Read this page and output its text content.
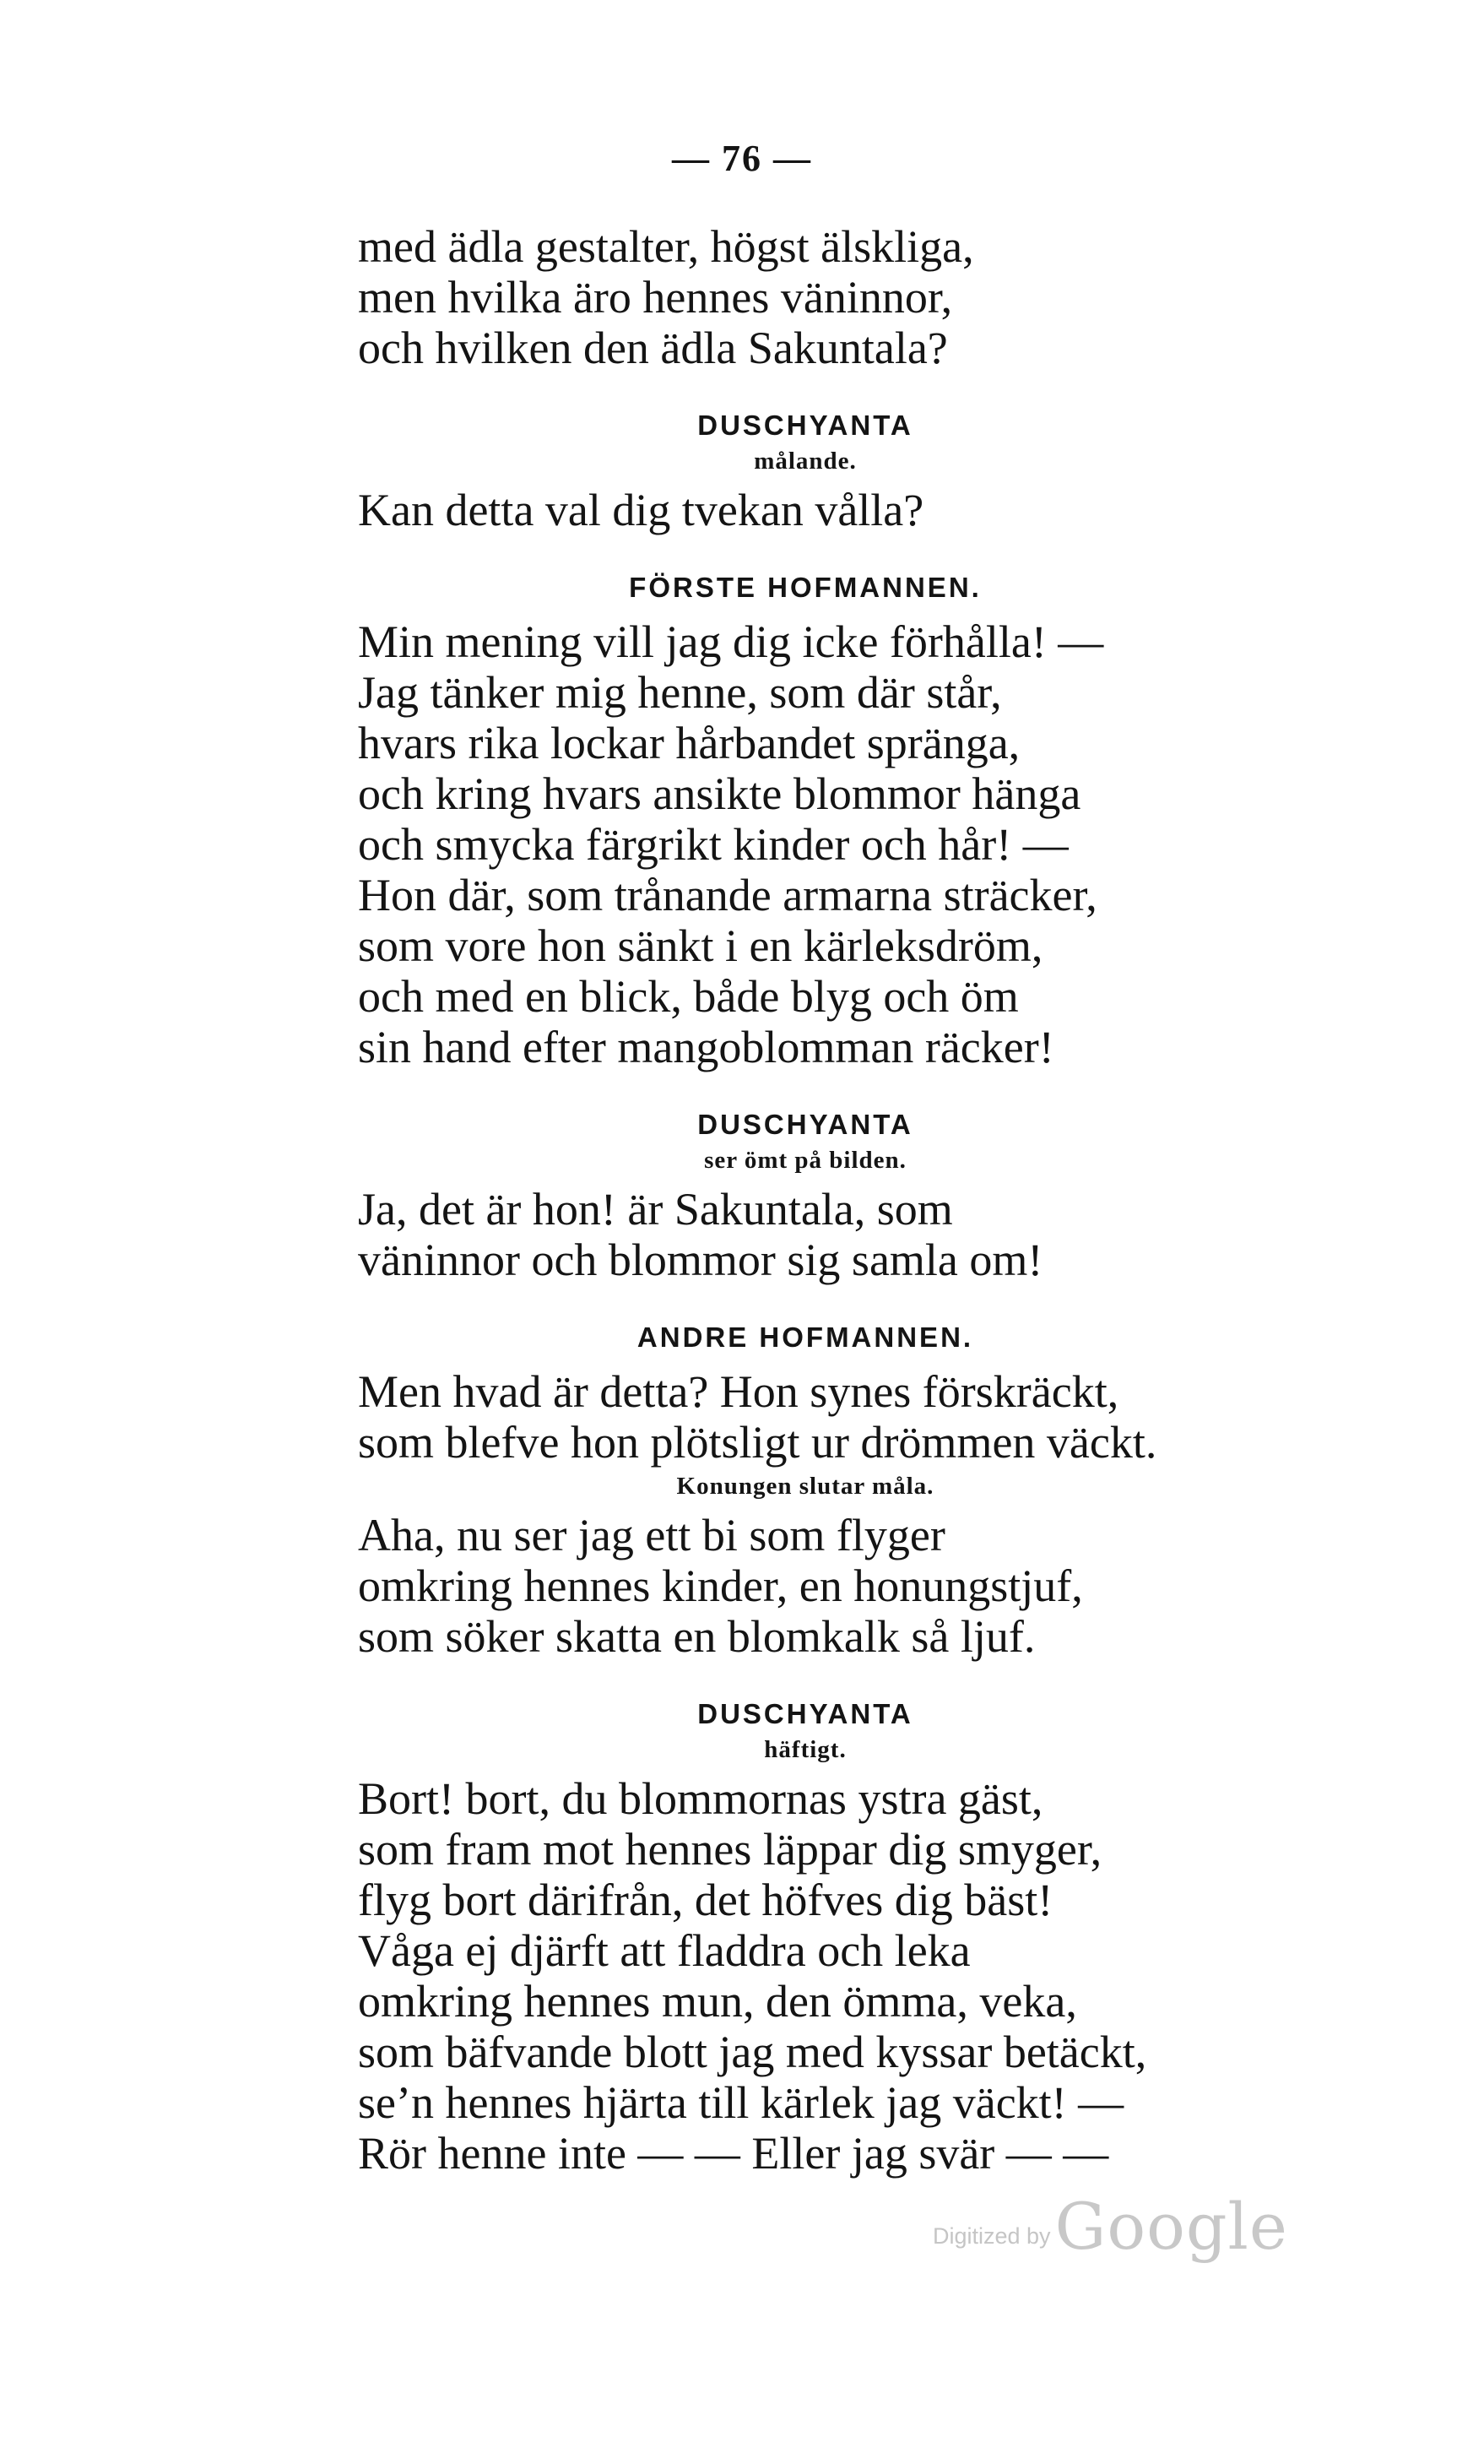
— 76 —
med ädla gestalter, högst älskliga,
men hvilka äro hennes väninnor,
och hvilken den ädla Sakuntala?
DUSCHYANTA
målande.
Kan detta val dig tvekan vålla?
FÖRSTE HOFMANNEN.
Min mening vill jag dig icke förhålla! —
Jag tänker mig henne, som där står,
hvars rika lockar hårbandet spränga,
och kring hvars ansikte blommor hänga
och smycka färgrikt kinder och hår! —
Hon där, som trånande armarna sträcker,
som vore hon sänkt i en kärleksdröm,
och med en blick, både blyg och öm
sin hand efter mangoblomman räcker!
DUSCHYANTA
ser ömt på bilden.
Ja, det är hon! är Sakuntala, som
väninnor och blommor sig samla om!
ANDRE HOFMANNEN.
Men hvad är detta? Hon synes förskräckt,
som blefve hon plötsligt ur drömmen väckt.
Konungen slutar måla.
Aha, nu ser jag ett bi som flyger
omkring hennes kinder, en honungstjuf,
som söker skatta en blomkalk så ljuf.
DUSCHYANTA
häftigt.
Bort! bort, du blommornas ystra gäst,
som fram mot hennes läppar dig smyger,
flyg bort därifrån, det höfves dig bäst!
Våga ej djärft att fladdra och leka
omkring hennes mun, den ömma, veka,
som bäfvande blott jag med kyssar betäckt,
se’n hennes hjärta till kärlek jag väckt! —
Rör henne inte — — Eller jag svär — —
Digitized by Google
